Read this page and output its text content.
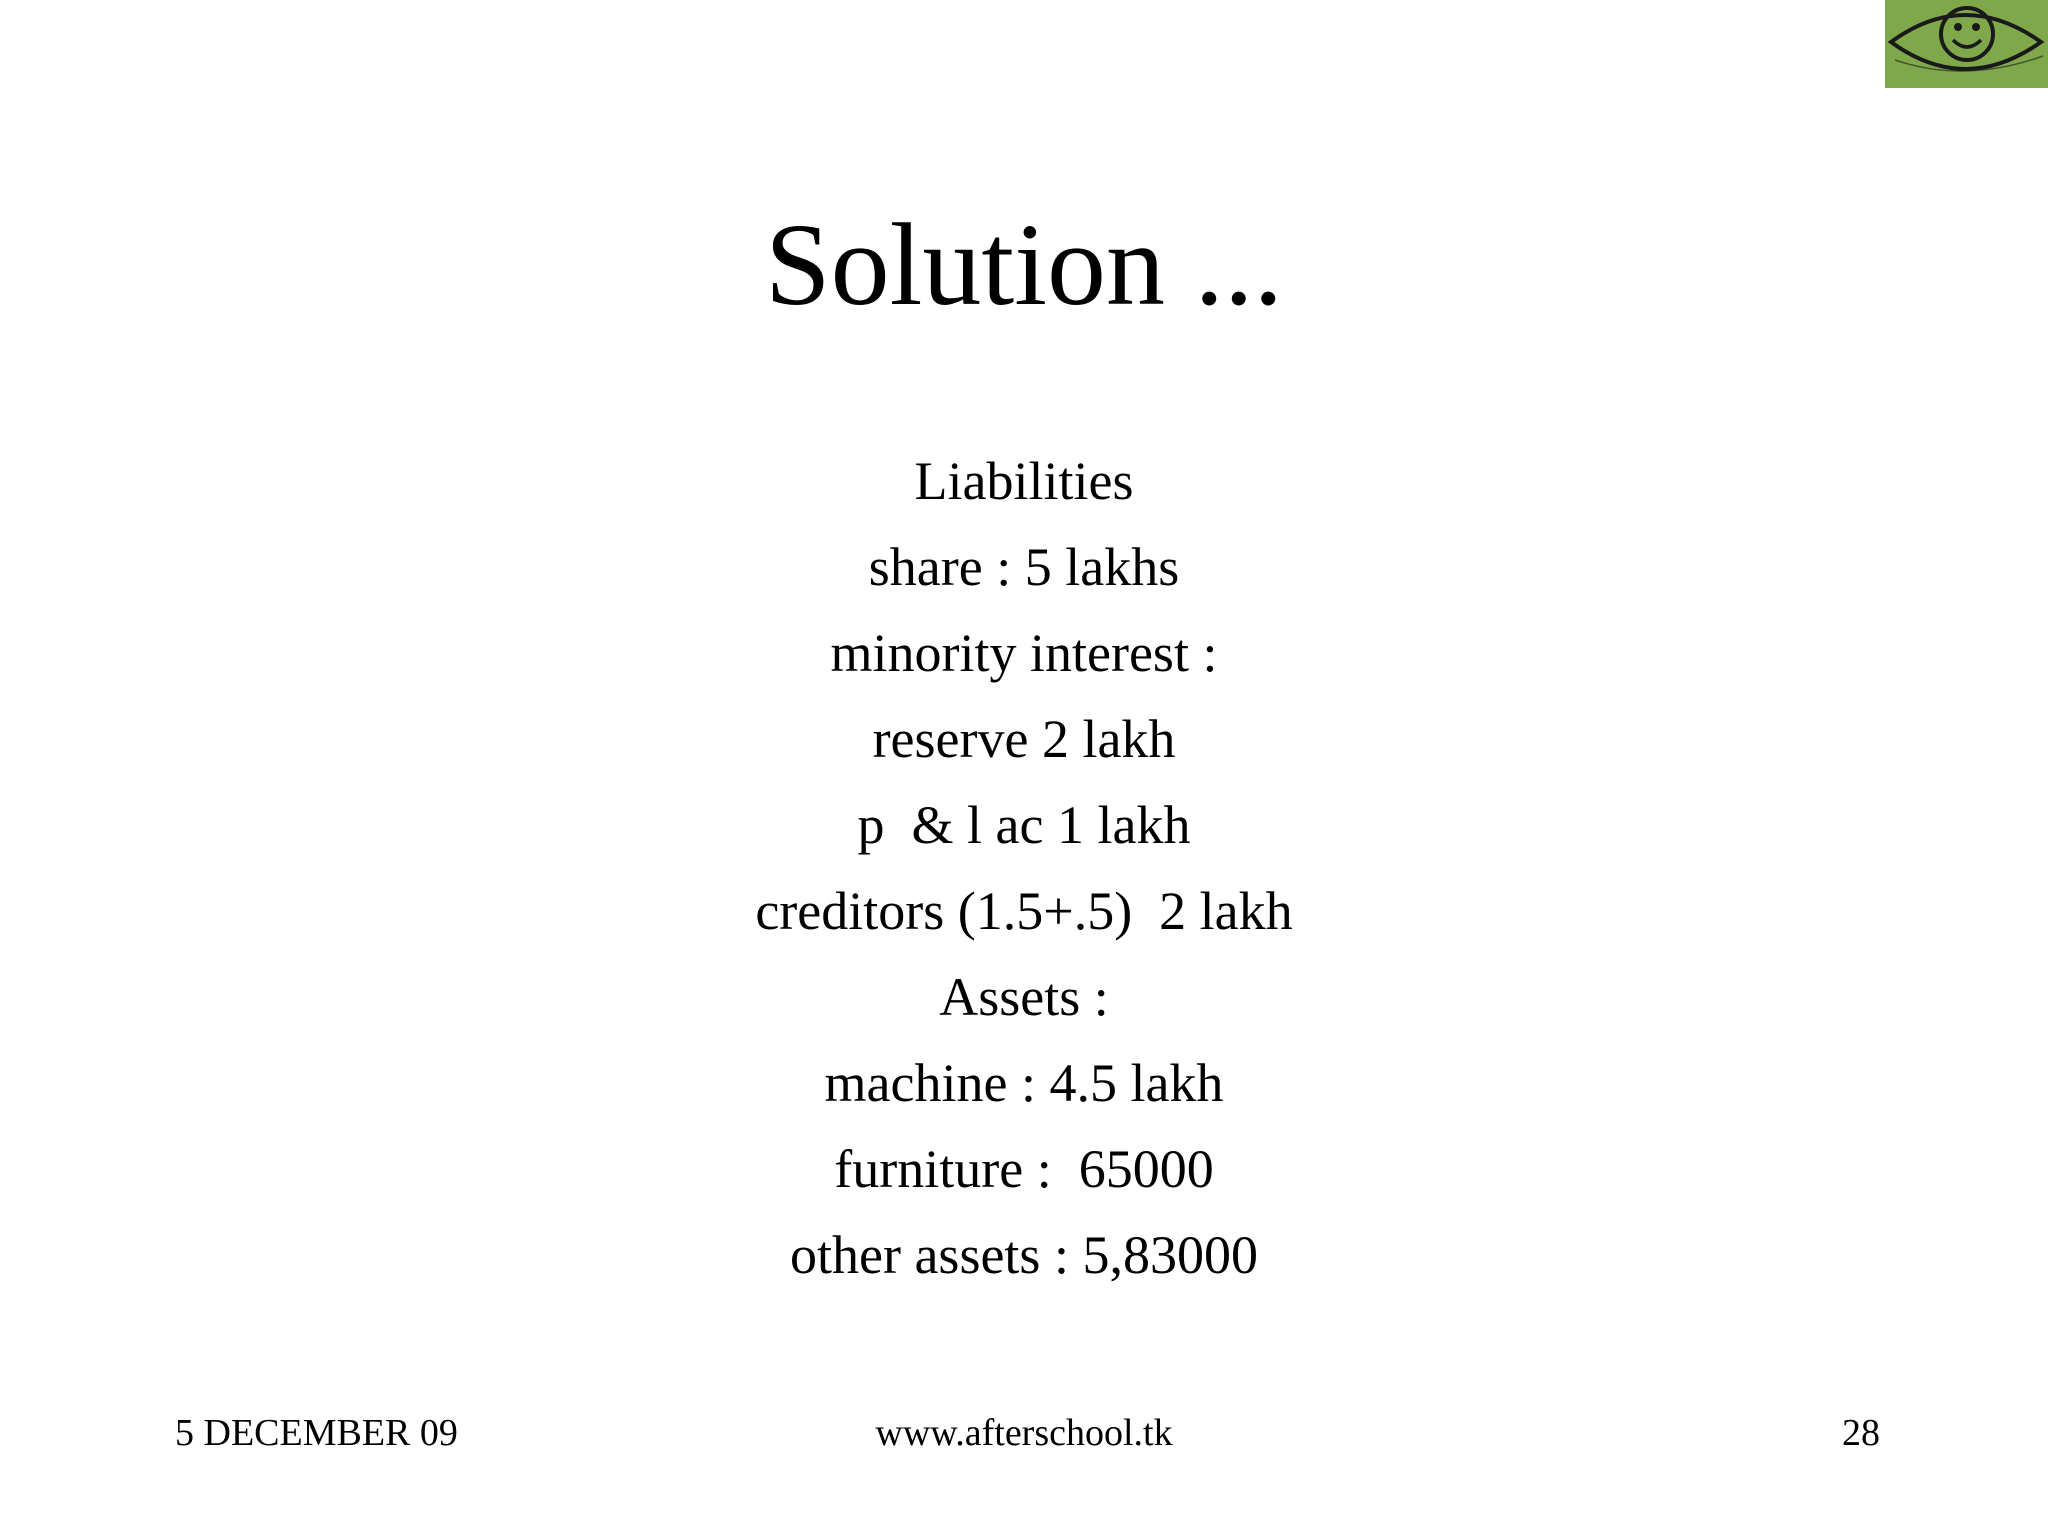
Solution ...
Liabilities
share : 5 lakhs
minority interest :
reserve 2 lakh
p  & l ac 1 lakh
creditors (1.5+.5)  2 lakh
Assets :
machine : 4.5 lakh
furniture :  65000
other assets : 5,83000
5 DECEMBER 09	www.afterschool.tk	28
